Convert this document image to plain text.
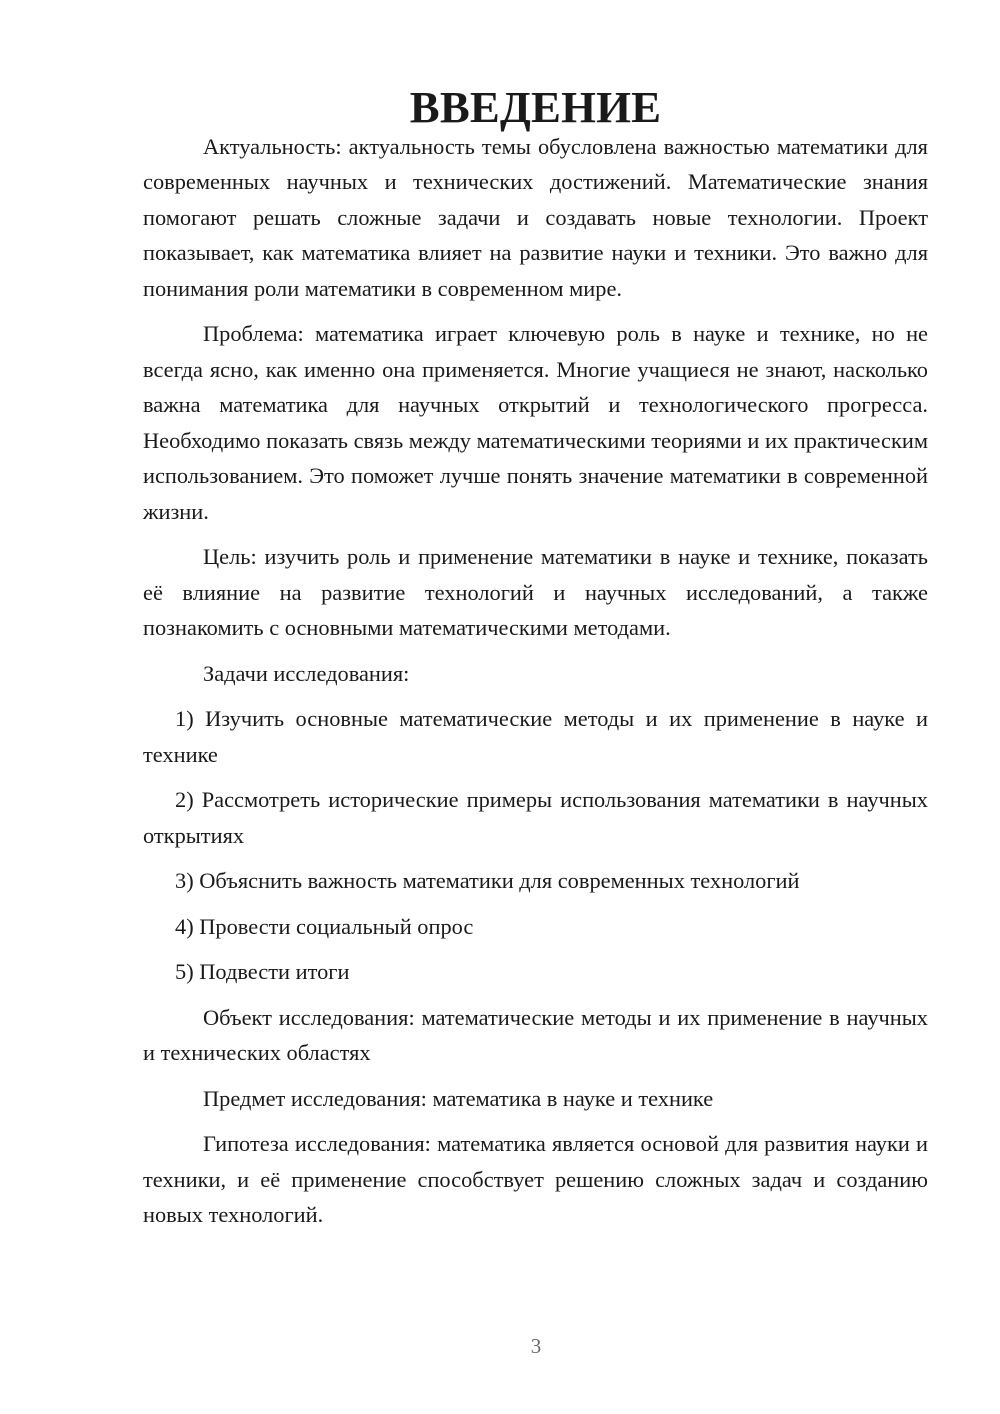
ВВЕДЕНИЕ

Актуальность: актуальность темы обусловлена важностью математики для современных научных и технических достижений. Математические знания помогают решать сложные задачи и создавать новые технологии. Проект показывает, как математика влияет на развитие науки и техники. Это важно для понимания роли математики в современном мире.

Проблема: математика играет ключевую роль в науке и технике, но не всегда ясно, как именно она применяется. Многие учащиеся не знают, насколько важна математика для научных открытий и технологического прогресса. Необходимо показать связь между математическими теориями и их практическим использованием. Это поможет лучше понять значение математики в современной жизни.

Цель: изучить роль и применение математики в науке и технике, показать её влияние на развитие технологий и научных исследований, а также познакомить с основными математическими методами.

Задачи исследования:

1) Изучить основные математические методы и их применение в науке и технике

2) Рассмотреть исторические примеры использования математики в научных открытиях

3) Объяснить важность математики для современных технологий

4) Провести социальный опрос

5) Подвести итоги

Объект исследования: математические методы и их применение в научных и технических областях

Предмет исследования: математика в науке и технике

Гипотеза исследования: математика является основой для развития науки и техники, и её применение способствует решению сложных задач и созданию новых технологий.

3
